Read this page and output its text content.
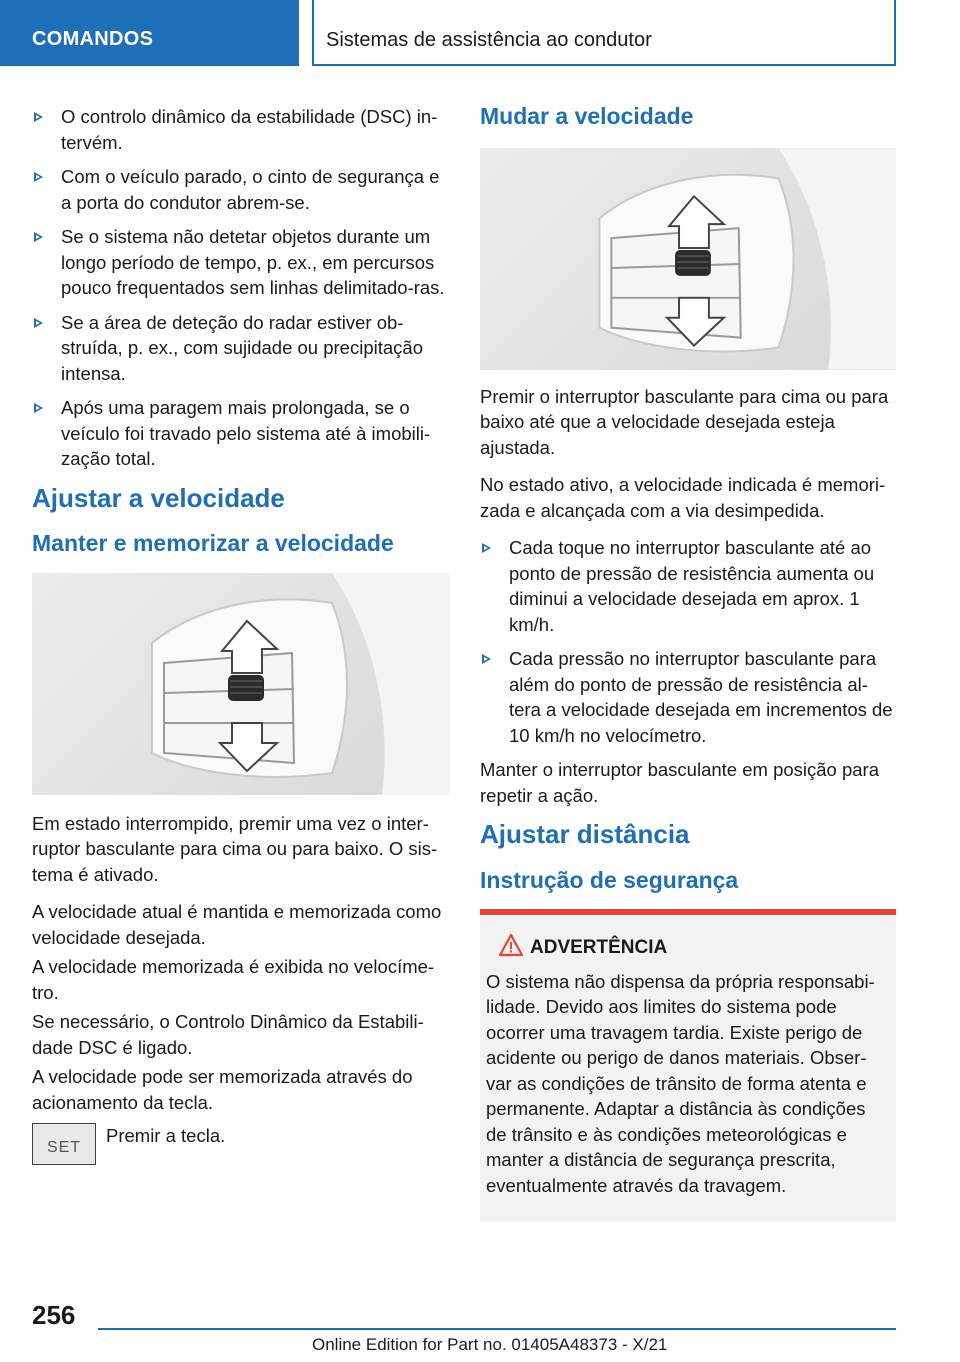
COMANDOS	Sistemas de assistência ao condutor
O controlo dinâmico da estabilidade (DSC) in-tervém.
Com o veículo parado, o cinto de segurança e a porta do condutor abrem-se.
Se o sistema não detetar objetos durante um longo período de tempo, p. ex., em percursos pouco frequentados sem linhas delimitado-ras.
Se a área de deteção do radar estiver ob-struída, p. ex., com sujidade ou precipitação intensa.
Após uma paragem mais prolongada, se o veículo foi travado pelo sistema até à imobili-zação total.
Ajustar a velocidade
Manter e memorizar a velocidade
Em estado interrompido, premir uma vez o inter-ruptor basculante para cima ou para baixo. O sis-tema é ativado.
A velocidade atual é mantida e memorizada como velocidade desejada.
A velocidade memorizada é exibida no velocíme-tro.
Se necessário, o Controlo Dinâmico da Estabili-dade DSC é ligado.
A velocidade pode ser memorizada através do acionamento da tecla.
SET
Premir a tecla.
Mudar a velocidade
Premir o interruptor basculante para cima ou para baixo até que a velocidade desejada esteja ajustada.
No estado ativo, a velocidade indicada é memori-zada e alcançada com a via desimpedida.
Cada toque no interruptor basculante até ao ponto de pressão de resistência aumenta ou diminui a velocidade desejada em aprox. 1 km/h.
Cada pressão no interruptor basculante para além do ponto de pressão de resistência al-tera a velocidade desejada em incrementos de 10 km/h no velocímetro.
Manter o interruptor basculante em posição para repetir a ação.
Ajustar distância
Instrução de segurança
ADVERTÊNCIA
O sistema não dispensa da própria responsabi-lidade. Devido aos limites do sistema pode ocorrer uma travagem tardia. Existe perigo de acidente ou perigo de danos materiais. Obser-var as condições de trânsito de forma atenta e permanente. Adaptar a distância às condições de trânsito e às condições meteorológicas e manter a distância de segurança prescrita, eventualmente através da travagem.
256
Online Edition for Part no. 01405A48373 - X/21
